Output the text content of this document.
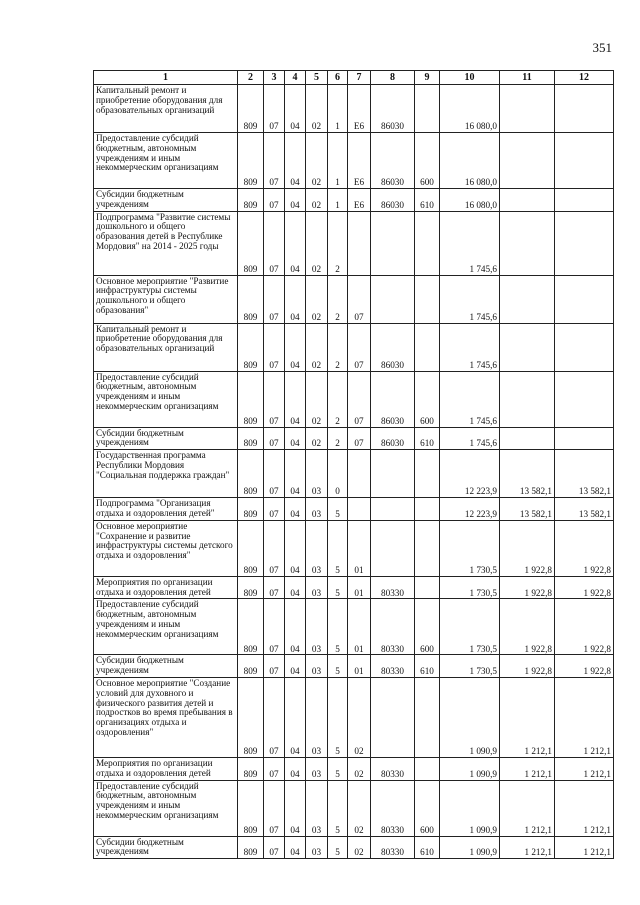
351
1	2	3	4	5	6	7	8	9	10	11	12
Капитальный ремонт и приобретение оборудования для образовательных организаций	809	07	04	02	1	Е6	86030		16 080,0		
Предоставление субсидий бюджетным, автономным учреждениям и иным некоммерческим организациям	809	07	04	02	1	Е6	86030	600	16 080,0		
Субсидии бюджетным учреждениям	809	07	04	02	1	Е6	86030	610	16 080,0		
Подпрограмма "Развитие системы дошкольного и общего образования детей в Республике Мордовия" на 2014 - 2025 годы	809	07	04	02	2				1 745,6		
Основное мероприятие "Развитие инфраструктуры системы дошкольного и общего образования"	809	07	04	02	2	07			1 745,6		
Капитальный ремонт и приобретение оборудования для образовательных организаций	809	07	04	02	2	07	86030		1 745,6		
Предоставление субсидий бюджетным, автономным учреждениям и иным некоммерческим организациям	809	07	04	02	2	07	86030	600	1 745,6		
Субсидии бюджетным учреждениям	809	07	04	02	2	07	86030	610	1 745,6		
Государственная программа Республики Мордовия "Социальная поддержка граждан"	809	07	04	03	0				12 223,9	13 582,1	13 582,1
Подпрограмма "Организация отдыха и оздоровления детей"	809	07	04	03	5				12 223,9	13 582,1	13 582,1
Основное мероприятие "Сохранение и развитие инфраструктуры системы детского отдыха и оздоровления"	809	07	04	03	5	01			1 730,5	1 922,8	1 922,8
Мероприятия по организации отдыха и оздоровления детей	809	07	04	03	5	01	80330		1 730,5	1 922,8	1 922,8
Предоставление субсидий бюджетным, автономным учреждениям и иным некоммерческим организациям	809	07	04	03	5	01	80330	600	1 730,5	1 922,8	1 922,8
Субсидии бюджетным учреждениям	809	07	04	03	5	01	80330	610	1 730,5	1 922,8	1 922,8
Основное мероприятие "Создание условий для духовного и физического развития детей и подростков во время пребывания в организациях отдыха и оздоровления"	809	07	04	03	5	02			1 090,9	1 212,1	1 212,1
Мероприятия по организации отдыха и оздоровления детей	809	07	04	03	5	02	80330		1 090,9	1 212,1	1 212,1
Предоставление субсидий бюджетным, автономным учреждениям и иным некоммерческим организациям	809	07	04	03	5	02	80330	600	1 090,9	1 212,1	1 212,1
Субсидии бюджетным учреждениям	809	07	04	03	5	02	80330	610	1 090,9	1 212,1	1 212,1
